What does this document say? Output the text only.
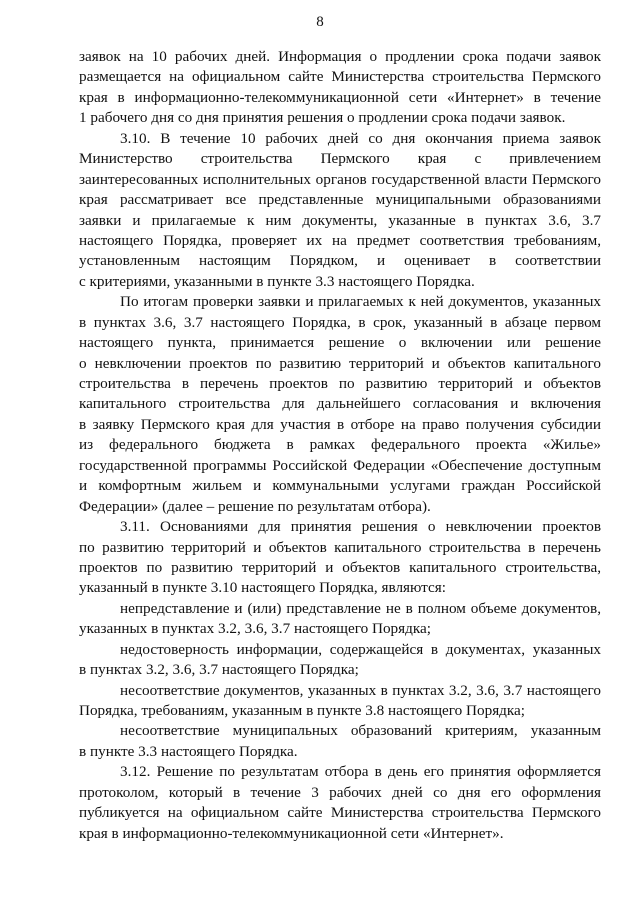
8
заявок на 10 рабочих дней. Информация о продлении срока подачи заявок
размещается на официальном сайте Министерства строительства Пермского
края в информационно-телекоммуникационной сети «Интернет» в течение
1 рабочего дня со дня принятия решения о продлении срока подачи заявок.
3.10. В течение 10 рабочих дней со дня окончания приема заявок
Министерство строительства Пермского края с привлечением
заинтересованных исполнительных органов государственной власти Пермского
края рассматривает все представленные муниципальными образованиями
заявки и прилагаемые к ним документы, указанные в пунктах 3.6, 3.7
настоящего Порядка, проверяет их на предмет соответствия требованиям,
установленным настоящим Порядком, и оценивает в соответствии
с критериями, указанными в пункте 3.3 настоящего Порядка.
По итогам проверки заявки и прилагаемых к ней документов, указанных
в пунктах 3.6, 3.7 настоящего Порядка, в срок, указанный в абзаце первом
настоящего пункта, принимается решение о включении или решение
о невключении проектов по развитию территорий и объектов капитального
строительства в перечень проектов по развитию территорий и объектов
капитального строительства для дальнейшего согласования и включения
в заявку Пермского края для участия в отборе на право получения субсидии
из федерального бюджета в рамках федерального проекта «Жилье»
государственной программы Российской Федерации «Обеспечение доступным
и комфортным жильем и коммунальными услугами граждан Российской
Федерации» (далее – решение по результатам отбора).
3.11. Основаниями для принятия решения о невключении проектов
по развитию территорий и объектов капитального строительства в перечень
проектов по развитию территорий и объектов капитального строительства,
указанный в пункте 3.10 настоящего Порядка, являются:
непредставление и (или) представление не в полном объеме документов,
указанных в пунктах 3.2, 3.6, 3.7 настоящего Порядка;
недостоверность информации, содержащейся в документах, указанных
в пунктах 3.2, 3.6, 3.7 настоящего Порядка;
несоответствие документов, указанных в пунктах 3.2, 3.6, 3.7 настоящего
Порядка, требованиям, указанным в пункте 3.8 настоящего Порядка;
несоответствие муниципальных образований критериям, указанным
в пункте 3.3 настоящего Порядка.
3.12. Решение по результатам отбора в день его принятия оформляется
протоколом, который в течение 3 рабочих дней со дня его оформления
публикуется на официальном сайте Министерства строительства Пермского
края в информационно-телекоммуникационной сети «Интернет».
